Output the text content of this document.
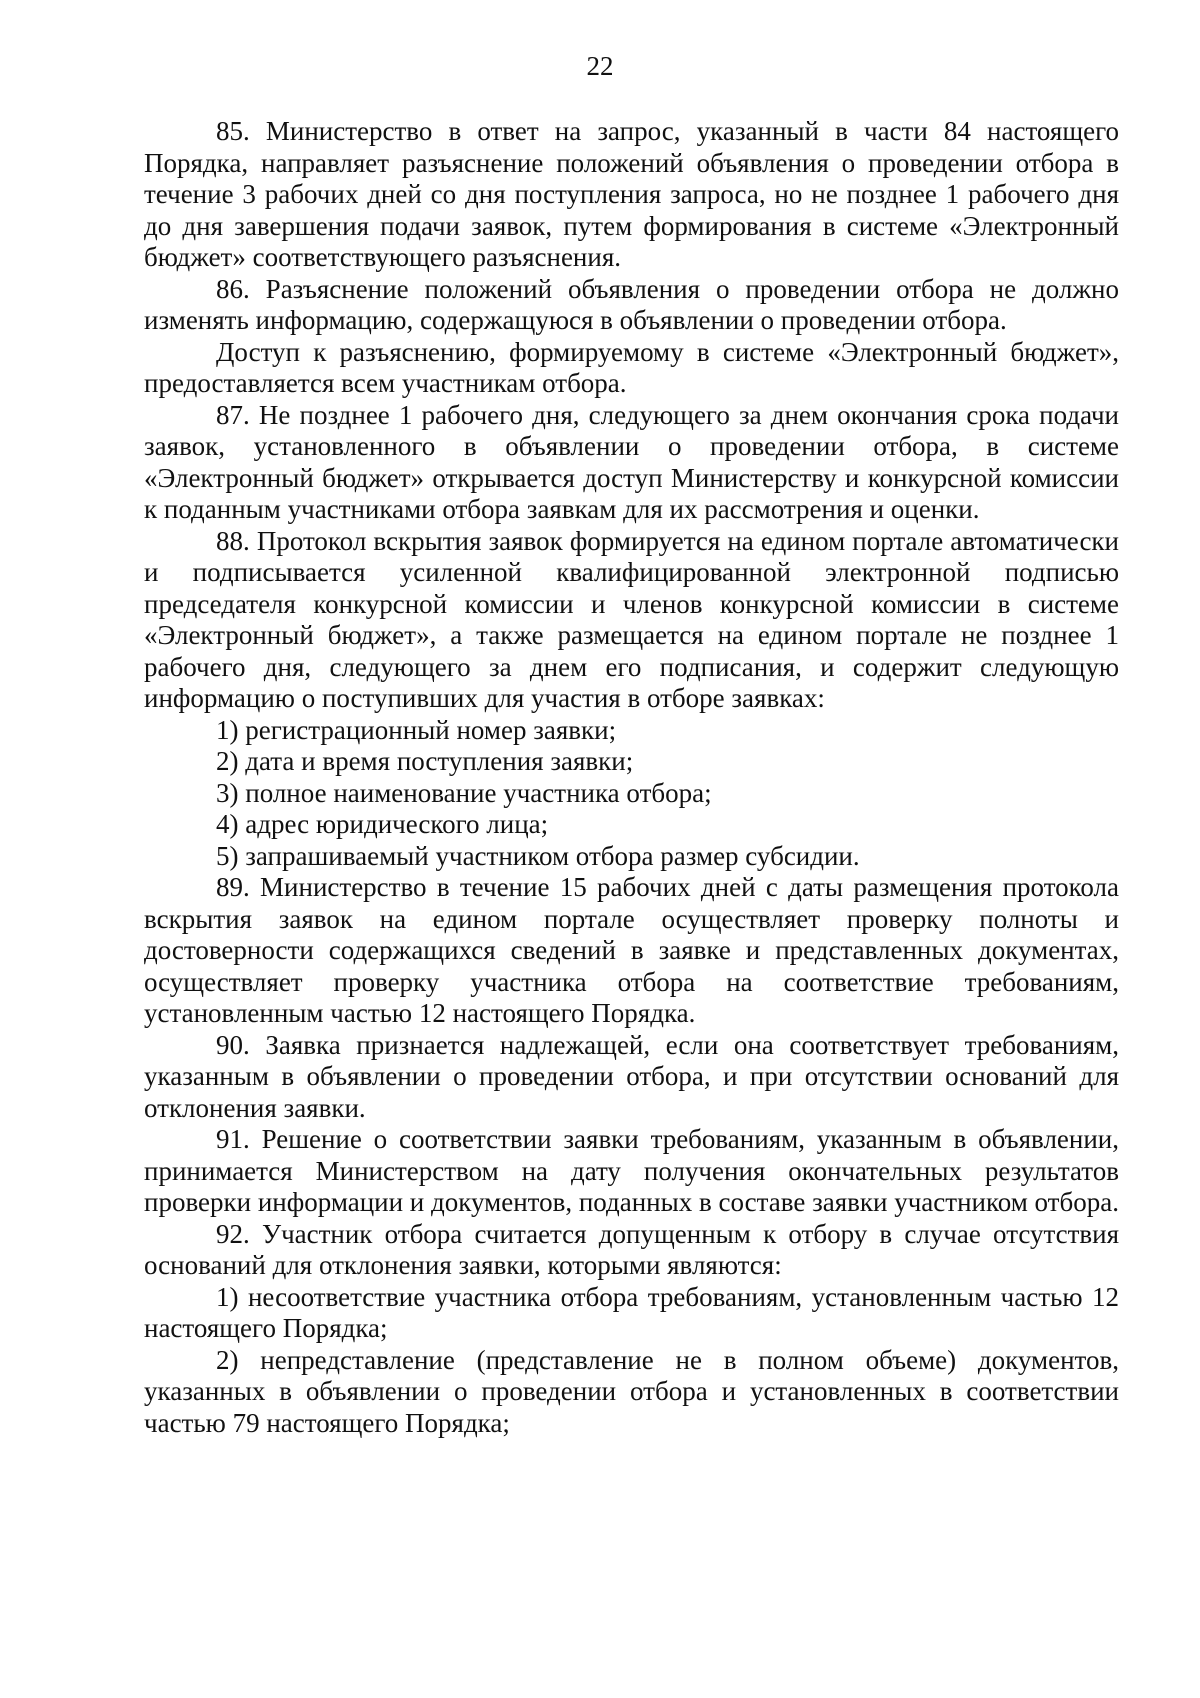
22

85. Министерство в ответ на запрос, указанный в части 84 настоящего Порядка, направляет разъяснение положений объявления о проведении отбора в течение 3 рабочих дней со дня поступления запроса, но не позднее 1 рабочего дня до дня завершения подачи заявок, путем формирования в системе «Электронный бюджет» соответствующего разъяснения.

86. Разъяснение положений объявления о проведении отбора не должно изменять информацию, содержащуюся в объявлении о проведении отбора.

Доступ к разъяснению, формируемому в системе «Электронный бюджет», предоставляется всем участникам отбора.

87. Не позднее 1 рабочего дня, следующего за днем окончания срока подачи заявок, установленного в объявлении о проведении отбора, в системе «Электронный бюджет» открывается доступ Министерству и конкурсной комиссии к поданным участниками отбора заявкам для их рассмотрения и оценки.

88. Протокол вскрытия заявок формируется на едином портале автоматически и подписывается усиленной квалифицированной электронной подписью председателя конкурсной комиссии и членов конкурсной комиссии в системе «Электронный бюджет», а также размещается на едином портале не позднее 1 рабочего дня, следующего за днем его подписания, и содержит следующую информацию о поступивших для участия в отборе заявках:

1) регистрационный номер заявки;

2) дата и время поступления заявки;

3) полное наименование участника отбора;

4) адрес юридического лица;

5) запрашиваемый участником отбора размер субсидии.

89. Министерство в течение 15 рабочих дней с даты размещения протокола вскрытия заявок на едином портале осуществляет проверку полноты и достоверности содержащихся сведений в заявке и представленных документах, осуществляет проверку участника отбора на соответствие требованиям, установленным частью 12 настоящего Порядка.

90. Заявка признается надлежащей, если она соответствует требованиям, указанным в объявлении о проведении отбора, и при отсутствии оснований для отклонения заявки.

91. Решение о соответствии заявки требованиям, указанным в объявлении, принимается Министерством на дату получения окончательных результатов проверки информации и документов, поданных в составе заявки участником отбора.

92. Участник отбора считается допущенным к отбору в случае отсутствия оснований для отклонения заявки, которыми являются:

1) несоответствие участника отбора требованиям, установленным частью 12 настоящего Порядка;

2) непредставление (представление не в полном объеме) документов, указанных в объявлении о проведении отбора и установленных в соответствии частью 79 настоящего Порядка;
